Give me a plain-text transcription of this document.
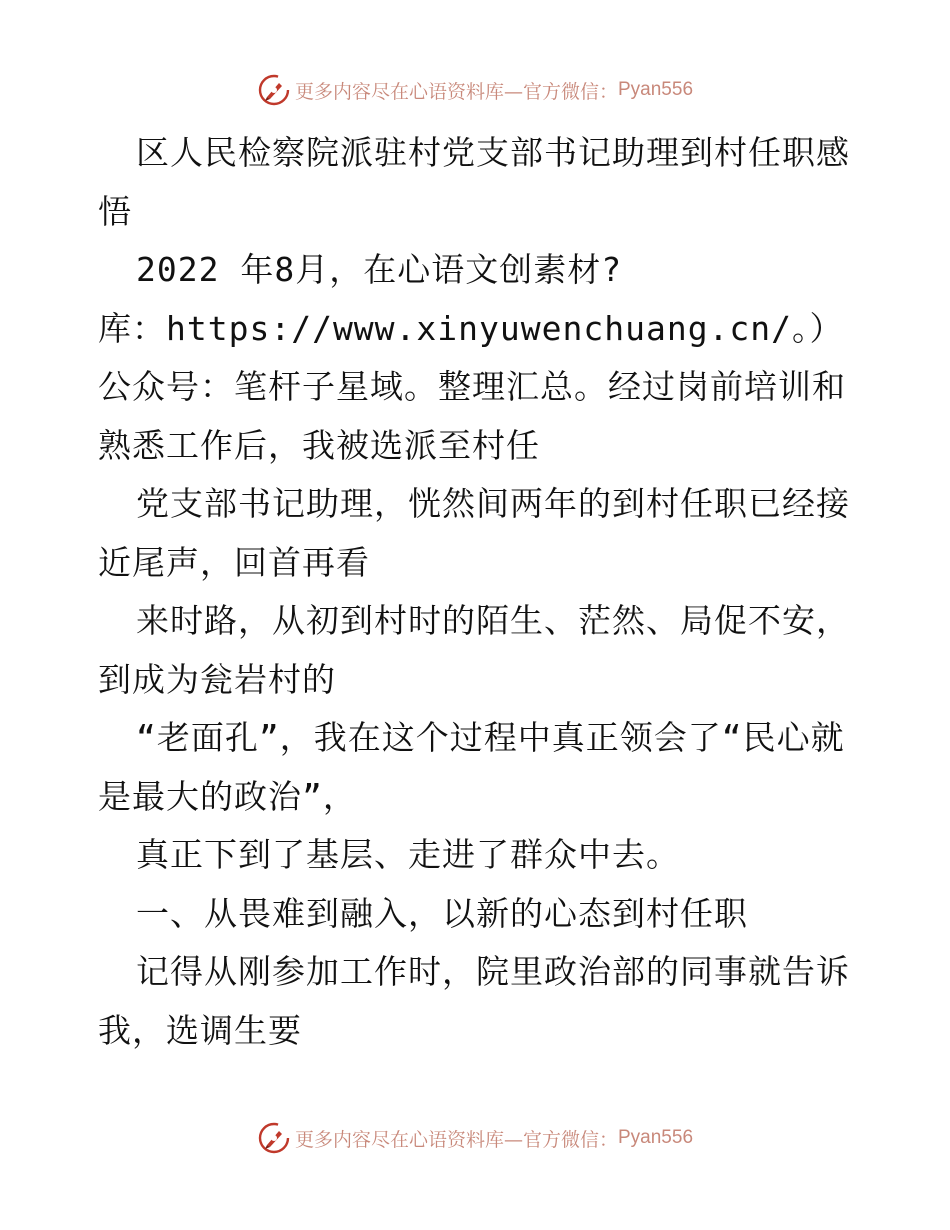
更多内容尽在心语资料库—官方微信： Pyan556

区人民检察院派驻村党支部书记助理到村任职感悟

2022 年8月，在心语文创素材?

库：https://www.xinyuwenchuang.cn/。）公众号：笔杆子星域。整理汇总。经过岗前培训和熟悉工作后，我被选派至村任

党支部书记助理，恍然间两年的到村任职已经接近尾声，回首再看

来时路，从初到村时的陌生、茫然、局促不安，到成为瓮岩村的

“老面孔”，我在这个过程中真正领会了“民心就是最大的政治”，

真正下到了基层、走进了群众中去。

一、从畏难到融入，以新的心态到村任职

记得从刚参加工作时，院里政治部的同事就告诉我，选调生要

更多内容尽在心语资料库—官方微信： Pyan556
